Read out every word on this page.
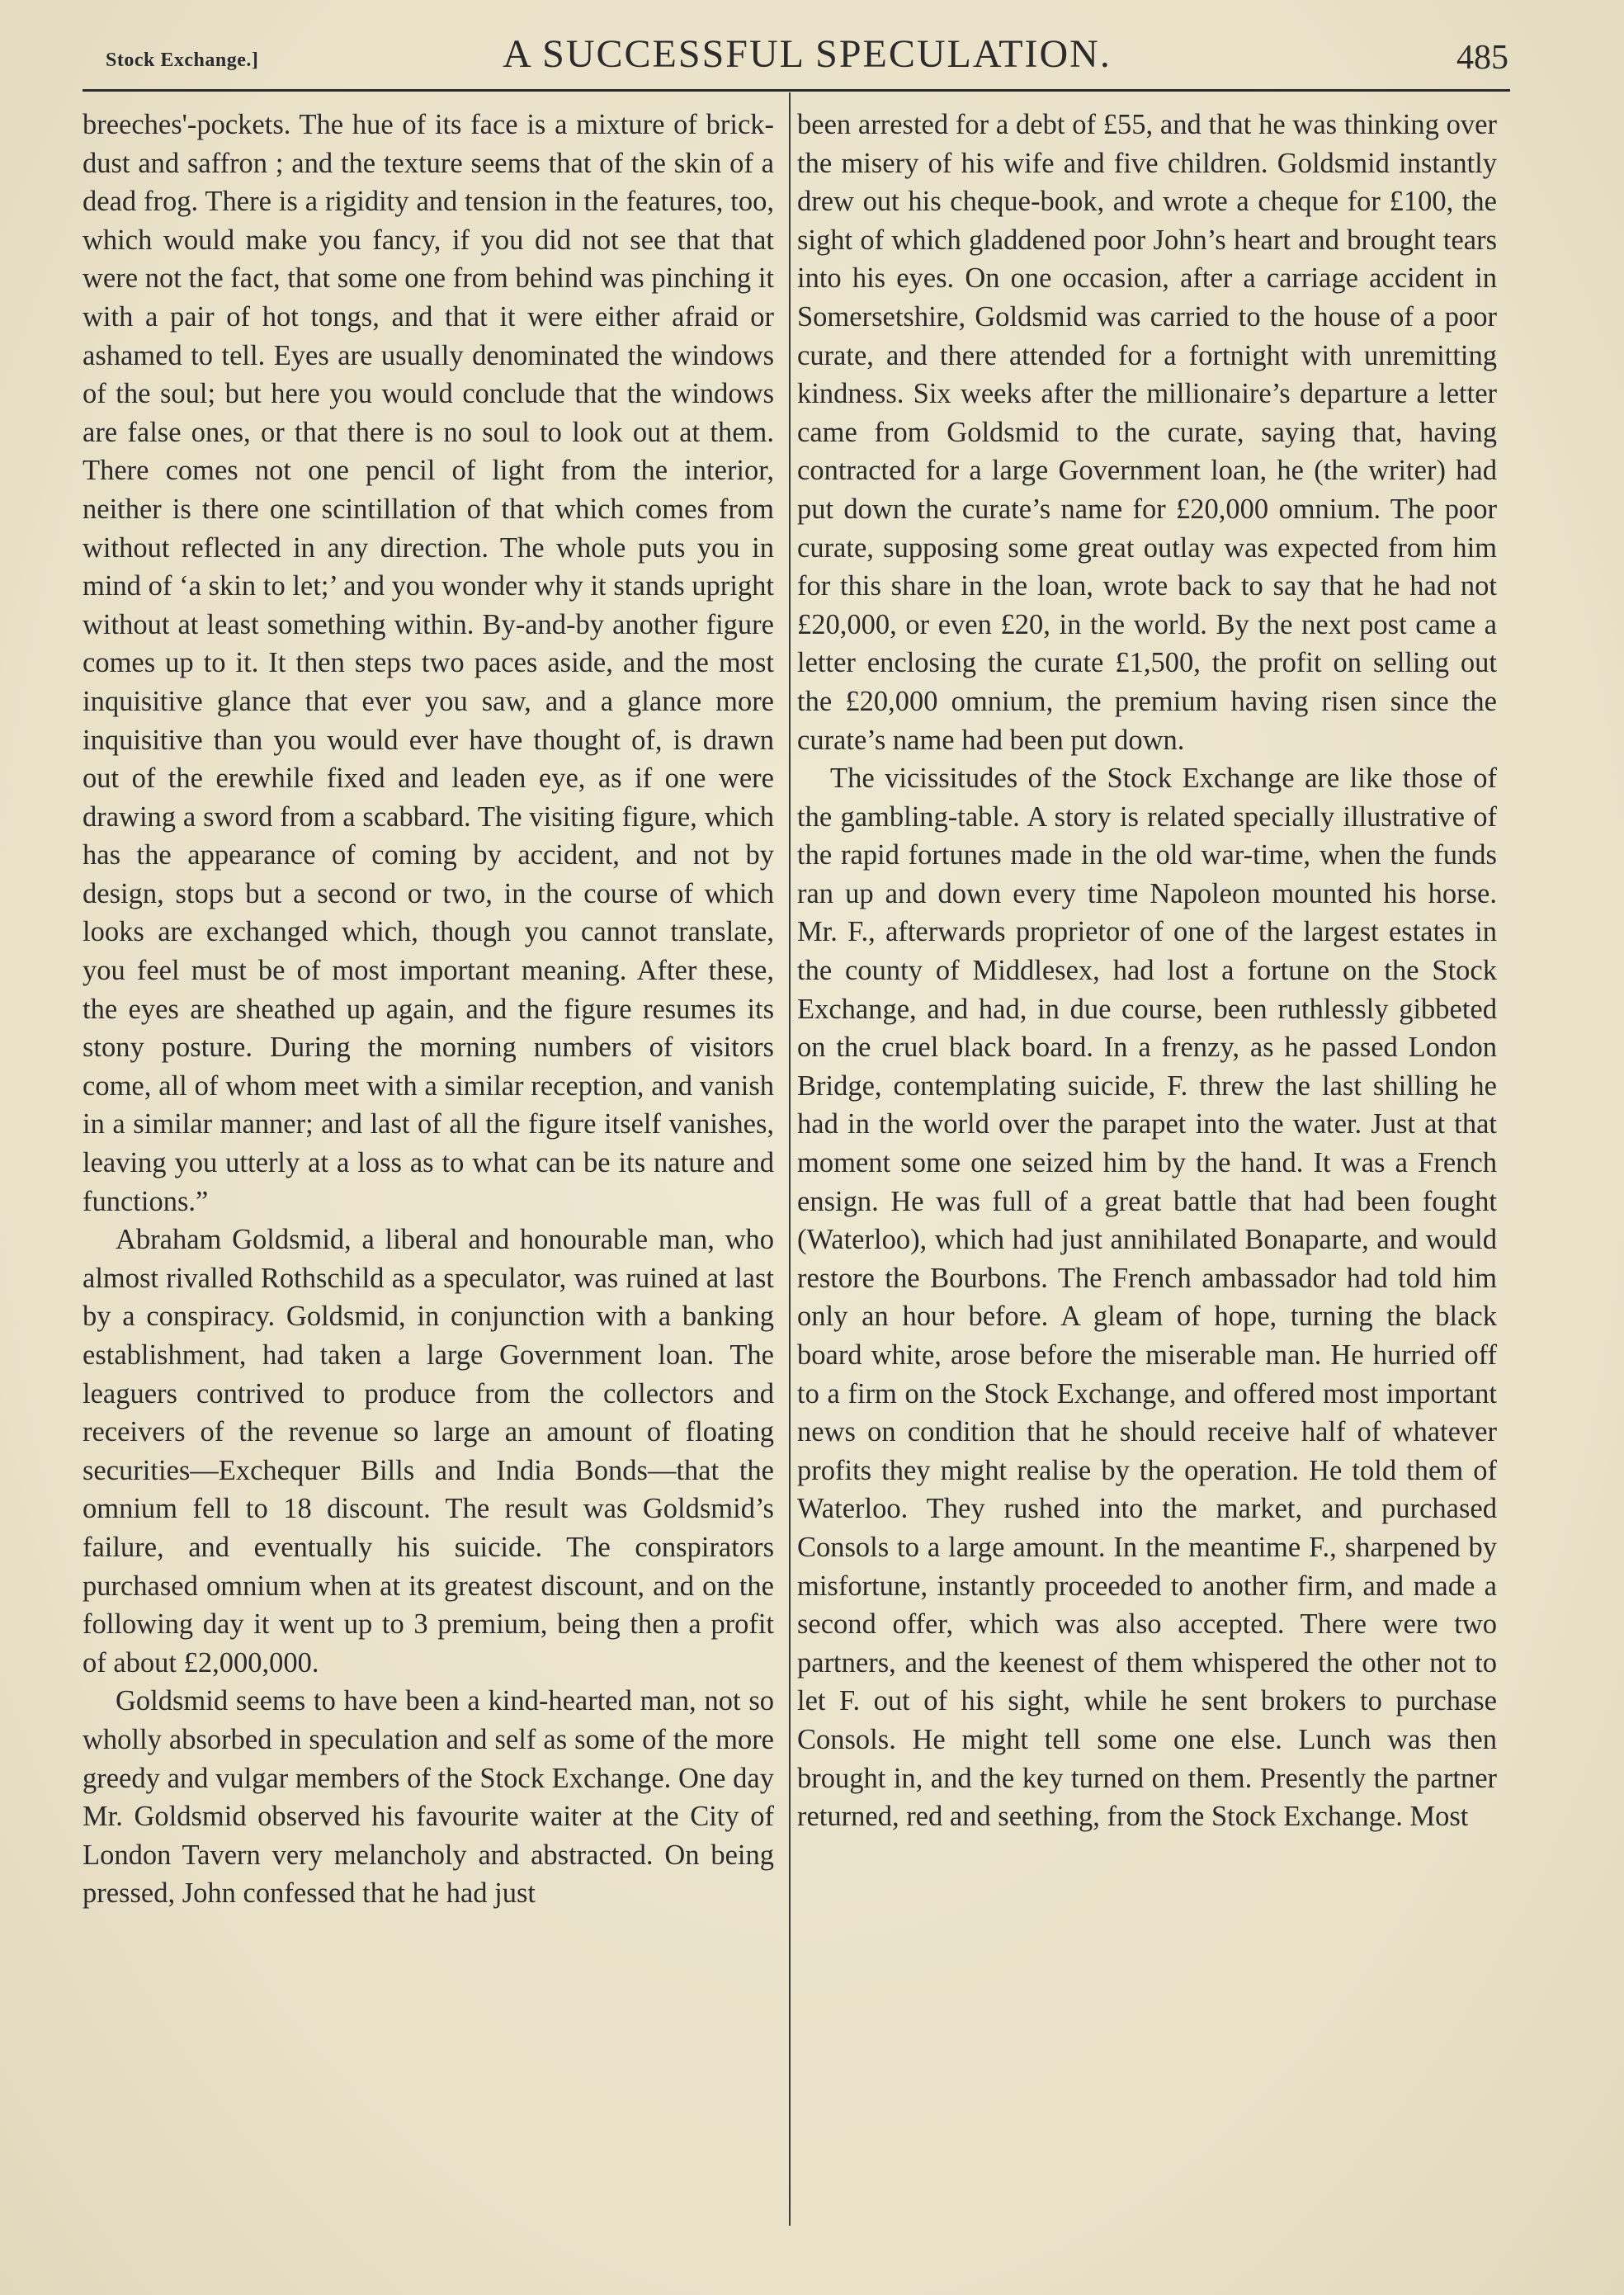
Stock Exchange.]	A SUCCESSFUL SPECULATION.	485

breeches'-pockets. The hue of its face is a mixture of brick-dust and saffron ; and the texture seems that of the skin of a dead frog. There is a rigidity and tension in the features, too, which would make you fancy, if you did not see that that were not the fact, that some one from behind was pinching it with a pair of hot tongs, and that it were either afraid or ashamed to tell. Eyes are usually denominated the windows of the soul; but here you would conclude that the windows are false ones, or that there is no soul to look out at them. There comes not one pencil of light from the interior, neither is there one scintillation of that which comes from without reflected in any direction. The whole puts you in mind of ‘a skin to let;’ and you wonder why it stands upright without at least something within. By-and-by another figure comes up to it. It then steps two paces aside, and the most inquisitive glance that ever you saw, and a glance more inquisitive than you would ever have thought of, is drawn out of the erewhile fixed and leaden eye, as if one were drawing a sword from a scabbard. The visiting figure, which has the appearance of coming by accident, and not by design, stops but a second or two, in the course of which looks are exchanged which, though you cannot translate, you feel must be of most important meaning. After these, the eyes are sheathed up again, and the figure resumes its stony posture. During the morning numbers of visitors come, all of whom meet with a similar reception, and vanish in a similar manner; and last of all the figure itself vanishes, leaving you utterly at a loss as to what can be its nature and functions.”

Abraham Goldsmid, a liberal and honourable man, who almost rivalled Rothschild as a speculator, was ruined at last by a conspiracy. Goldsmid, in conjunction with a banking establishment, had taken a large Government loan. The leaguers contrived to produce from the collectors and receivers of the revenue so large an amount of floating securities—Exchequer Bills and India Bonds—that the omnium fell to 18 discount. The result was Goldsmid’s failure, and eventually his suicide. The conspirators purchased omnium when at its greatest discount, and on the following day it went up to 3 premium, being then a profit of about £2,000,000.

Goldsmid seems to have been a kind-hearted man, not so wholly absorbed in speculation and self as some of the more greedy and vulgar members of the Stock Exchange. One day Mr. Goldsmid observed his favourite waiter at the City of London Tavern very melancholy and abstracted. On being pressed, John confessed that he had just

been arrested for a debt of £55, and that he was thinking over the misery of his wife and five children. Goldsmid instantly drew out his cheque-book, and wrote a cheque for £100, the sight of which gladdened poor John’s heart and brought tears into his eyes. On one occasion, after a carriage accident in Somersetshire, Goldsmid was carried to the house of a poor curate, and there attended for a fortnight with unremitting kindness. Six weeks after the millionaire’s departure a letter came from Goldsmid to the curate, saying that, having contracted for a large Government loan, he (the writer) had put down the curate’s name for £20,000 omnium. The poor curate, supposing some great outlay was expected from him for this share in the loan, wrote back to say that he had not £20,000, or even £20, in the world. By the next post came a letter enclosing the curate £1,500, the profit on selling out the £20,000 omnium, the premium having risen since the curate’s name had been put down.

The vicissitudes of the Stock Exchange are like those of the gambling-table. A story is related specially illustrative of the rapid fortunes made in the old war-time, when the funds ran up and down every time Napoleon mounted his horse. Mr. F., afterwards proprietor of one of the largest estates in the county of Middlesex, had lost a fortune on the Stock Exchange, and had, in due course, been ruthlessly gibbeted on the cruel black board. In a frenzy, as he passed London Bridge, contemplating suicide, F. threw the last shilling he had in the world over the parapet into the water. Just at that moment some one seized him by the hand. It was a French ensign. He was full of a great battle that had been fought (Waterloo), which had just annihilated Bonaparte, and would restore the Bourbons. The French ambassador had told him only an hour before. A gleam of hope, turning the black board white, arose before the miserable man. He hurried off to a firm on the Stock Exchange, and offered most important news on condition that he should receive half of whatever profits they might realise by the operation. He told them of Waterloo. They rushed into the market, and purchased Consols to a large amount. In the meantime F., sharpened by misfortune, instantly proceeded to another firm, and made a second offer, which was also accepted. There were two partners, and the keenest of them whispered the other not to let F. out of his sight, while he sent brokers to purchase Consols. He might tell some one else. Lunch was then brought in, and the key turned on them. Presently the partner returned, red and seething, from the Stock Exchange. Most
